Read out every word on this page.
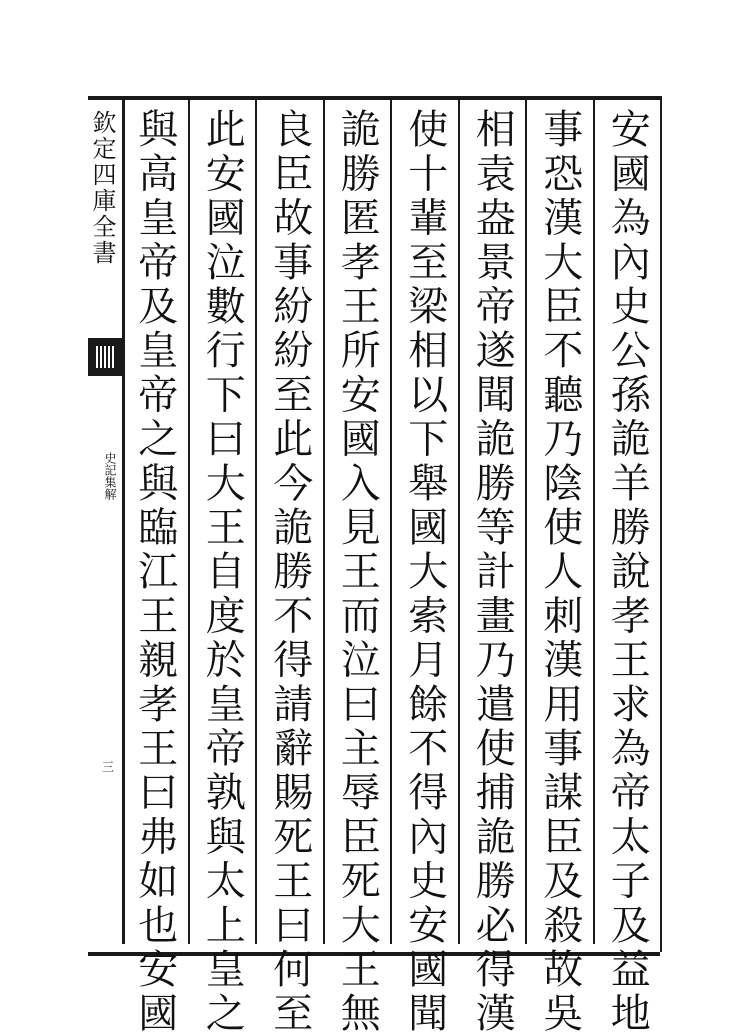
欽定四庫全書
史記集解
三	安國為內史公孫詭羊勝說孝王求為帝太子及益地
事恐漢大臣不聽乃陰使人刺漢用事謀臣及殺故吳
相袁盎景帝遂聞詭勝等計畫乃遣使捕詭勝必得漢
使十輩至梁相以下舉國大索月餘不得內史安國聞
詭勝匿孝王所安國入見王而泣曰主辱臣死大王無
良臣故事紛紛至此今詭勝不得請辭賜死王曰何至
此安國泣數行下曰大王自度於皇帝孰與太上皇之
與高皇帝及皇帝之與臨江王親孝王曰弗如也安國
